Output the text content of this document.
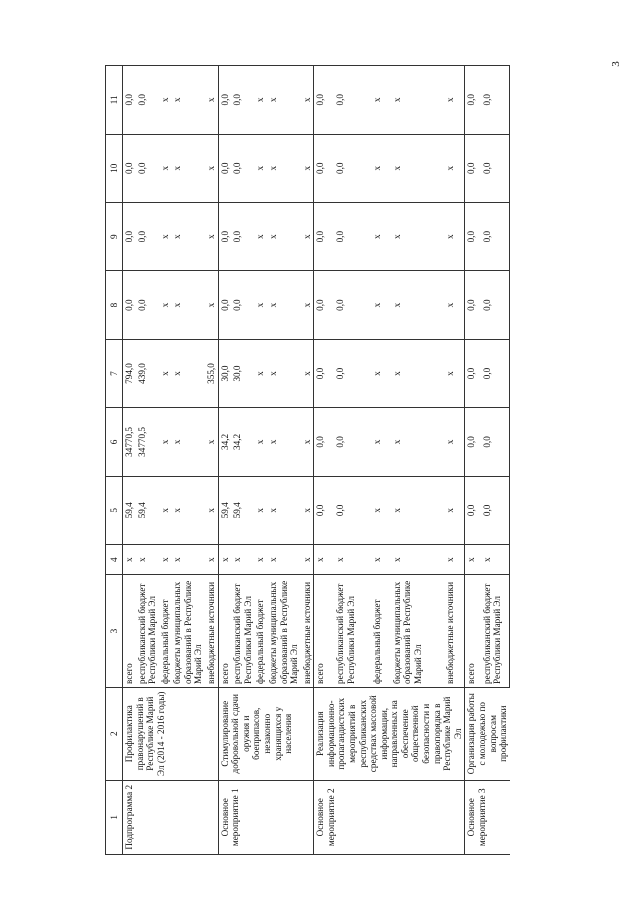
3
1	2	3	4	5	6	7	8	9	10	11
Подпрограмма 2	Профилактика правонарушений в Республике Марий Эл (2014 - 2016 годы)	всего	x	59,4	34770,5	794,0	0,0	0,0	0,0	0,0
		республиканский бюджет Республики Марий Эл	x	59,4	34770,5	439,0	0,0	0,0	0,0	0,0
		федеральный бюджет	x	x	x	x	x	x	x	x
		бюджеты муниципальных образований в Республике Марий Эл	x	x	x	x	x	x	x	x
		внебюджетные источники	x	x	x	355,0	x	x	x	x
Основное мероприятие 1	Стимулирование добровольной сдачи оружия и боеприпасов, незаконно хранящихся у населения	всего	x	59,4	34,2	30,0	0,0	0,0	0,0	0,0
		республиканский бюджет Республики Марий Эл	x	59,4	34,2	30,0	0,0	0,0	0,0	0,0
		федеральный бюджет	x	x	x	x	x	x	x	x
		бюджеты муниципальных образований в Республике Марий Эл	x	x	x	x	x	x	x	x
		внебюджетные источники	x	x	x	x	x	x	x	x
Основное мероприятие 2	Реализация информационно-пропагандистских мероприятий в республиканских средствах массовой информации, направленных на обеспечение общественной безопасности и правопорядка в Республике Марий Эл	всего	x	0,0	0,0	0,0	0,0	0,0	0,0	0,0
		республиканский бюджет Республики Марий Эл	x	0,0	0,0	0,0	0,0	0,0	0,0	0,0
		федеральный бюджет	x	x	x	x	x	x	x	x
		бюджеты муниципальных образований в Республике Марий Эл	x	x	x	x	x	x	x	x
		внебюджетные источники	x	x	x	x	x	x	x	x
Основное мероприятие 3	Организация работы с молодежью по вопросам профилактики	всего	x	0,0	0,0	0,0	0,0	0,0	0,0	0,0
		республиканский бюджет Республики Марий Эл	x	0,0	0,0	0,0	0,0	0,0	0,0	0,0
